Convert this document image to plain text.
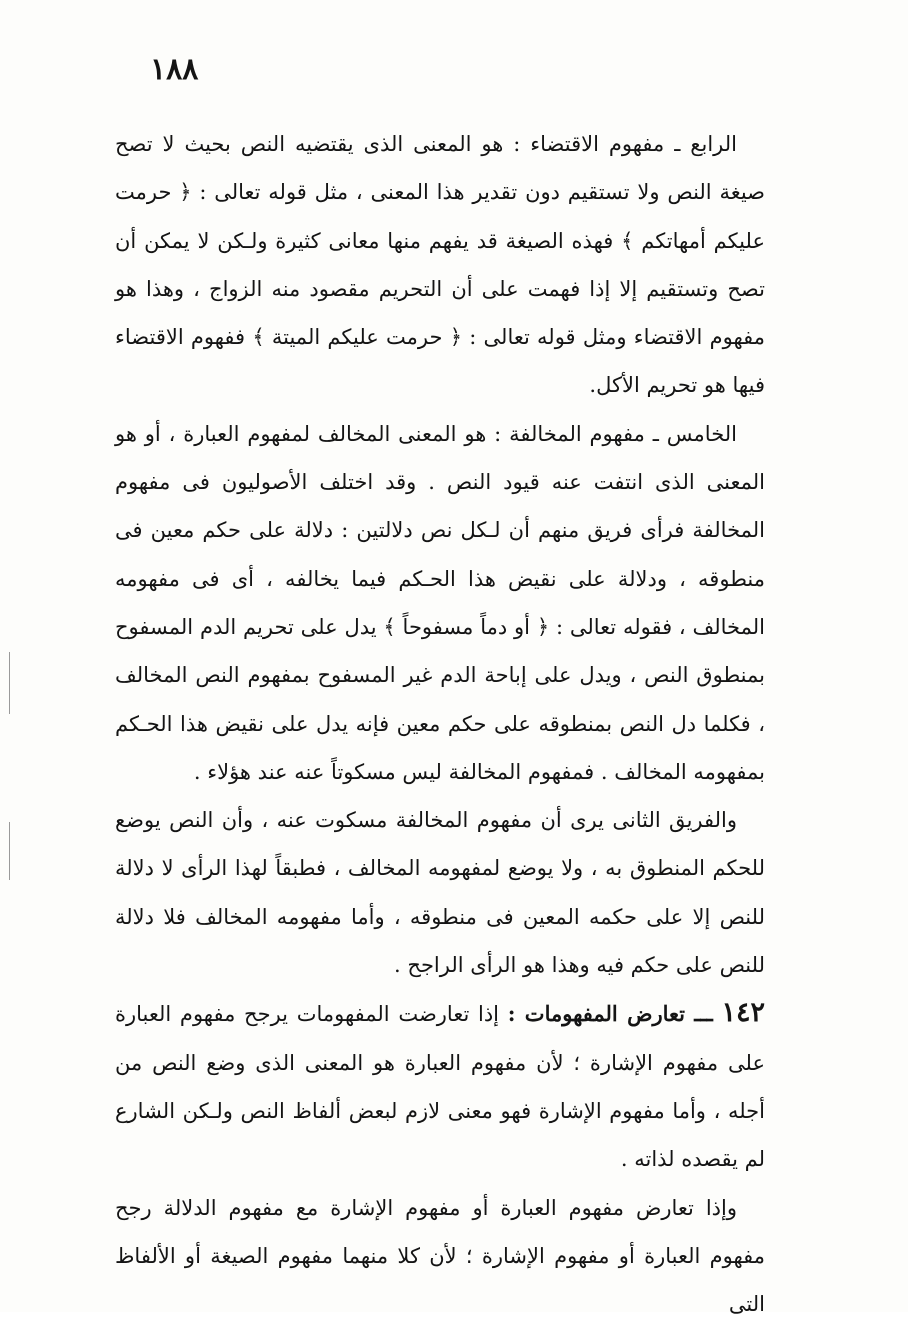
١٨٨

الرابع ـ مفهوم الاقتضاء : هو المعنى الذى يقتضيه النص بحيث لا تصح صيغة النص ولا تستقيم دون تقدير هذا المعنى ، مثل قوله تعالى : ﴿ حرمت عليكم أمهاتكم ﴾ فهذه الصيغة قد يفهم منها معانى كثيرة ولـكن لا يمكن أن تصح وتستقيم إلا إذا فهمت على أن التحريم مقصود منه الزواج ، وهذا هو مفهوم الاقتضاء ومثل قوله تعالى : ﴿ حرمت عليكم الميتة ﴾ ففهوم الاقتضاء فيها هو تحريم الأكل.

الخامس ـ مفهوم المخالفة : هو المعنى المخالف لمفهوم العبارة ، أو هو المعنى الذى انتفت عنه قيود النص . وقد اختلف الأصوليون فى مفهوم المخالفة فرأى فريق منهم أن لـكل نص دلالتين : دلالة على حكم معين فى منطوقه ، ودلالة على نقيض هذا الحـكم فيما يخالفه ، أى فى مفهومه المخالف ، فقوله تعالى : ﴿ أو دماً مسفوحاً ﴾ يدل على تحريم الدم المسفوح بمنطوق النص ، ويدل على إباحة الدم غير المسفوح بمفهوم النص المخالف ، فكلما دل النص بمنطوقه على حكم معين فإنه يدل على نقيض هذا الحـكم بمفهومه المخالف . فمفهوم المخالفة ليس مسكوتاً عنه عند هؤلاء .

والفريق الثانى يرى أن مفهوم المخالفة مسكوت عنه ، وأن النص يوضع للحكم المنطوق به ، ولا يوضع لمفهومه المخالف ، فطبقاً لهذا الرأى لا دلالة للنص إلا على حكمه المعين فى منطوقه ، وأما مفهومه المخالف فلا دلالة للنص على حكم فيه وهذا هو الرأى الراجح .

١٤٢ ـــ تعارض المفهومات : إذا تعارضت المفهومات يرجح مفهوم العبارة على مفهوم الإشارة ؛ لأن مفهوم العبارة هو المعنى الذى وضع النص من أجله ، وأما مفهوم الإشارة فهو معنى لازم لبعض ألفاظ النص ولـكن الشارع لم يقصده لذاته .

وإذا تعارض مفهوم العبارة أو مفهوم الإشارة مع مفهوم الدلالة رجح مفهوم العبارة أو مفهوم الإشارة ؛ لأن كلا منهما مفهوم الصيغة أو الألفاظ التى
